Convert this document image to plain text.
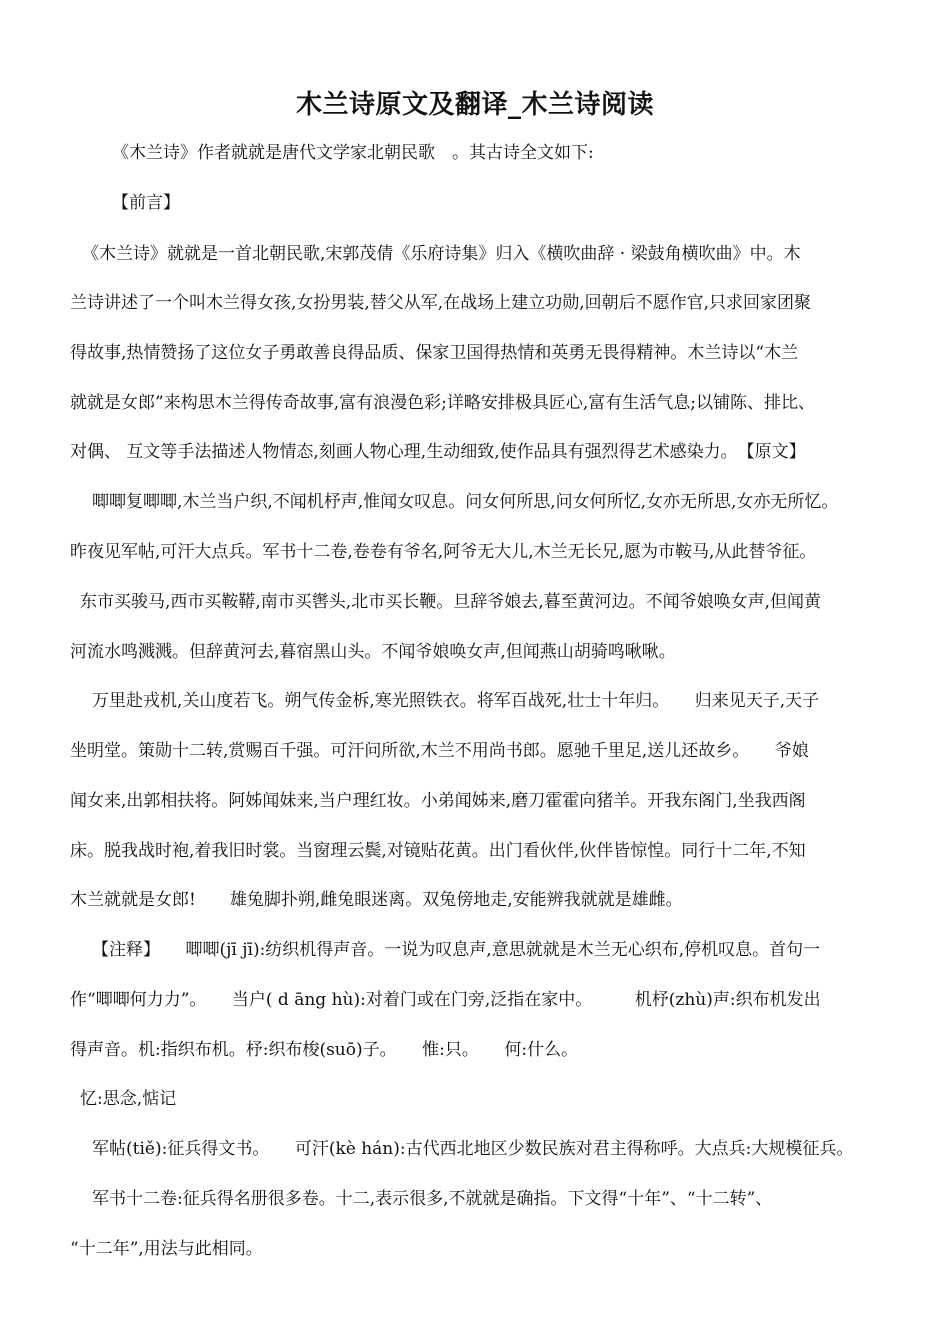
木兰诗原文及翻译_木兰诗阅读
《木兰诗》作者就就是唐代文学家北朝民歌　。其古诗全文如下:
【前言】
《木兰诗》就就是一首北朝民歌,宋郭茂倩《乐府诗集》归入《横吹曲辞 · 梁鼓角横吹曲》中。木
兰诗讲述了一个叫木兰得女孩,女扮男装,替父从军,在战场上建立功勋,回朝后不愿作官,只求回家团聚
得故事,热情赞扬了这位女子勇敢善良得品质、保家卫国得热情和英勇无畏得精神。木兰诗以“木兰
就就是女郎”来构思木兰得传奇故事,富有浪漫色彩;详略安排极具匠心,富有生活气息;以铺陈、排比、
对偶、 互文等手法描述人物情态,刻画人物心理,生动细致,使作品具有强烈得艺术感染力。　【原文】
唧唧复唧唧,木兰当户织,不闻机杼声,惟闻女叹息。问女何所思,问女何所忆,女亦无所思,女亦无所忆。
昨夜见军帖,可汗大点兵。军书十二卷,卷卷有爷名,阿爷无大儿,木兰无长兄,愿为市鞍马,从此替爷征。
东市买骏马,西市买鞍鞯,南市买辔头,北市买长鞭。旦辞爷娘去,暮至黄河边。不闻爷娘唤女声,但闻黄
河流水鸣溅溅。但辞黄河去,暮宿黑山头。不闻爷娘唤女声,但闻燕山胡骑鸣啾啾。
万里赴戎机,关山度若飞。朔气传金柝,寒光照铁衣。将军百战死,壮士十年归。　　归来见天子,天子
坐明堂。策勋十二转,赏赐百千强。可汗问所欲,木兰不用尚书郎。愿驰千里足,送儿还故乡。　　爷娘
闻女来,出郭相扶将。阿姊闻妹来,当户理红妆。小弟闻姊来,磨刀霍霍向猪羊。开我东阁门,坐我西阁
床。脱我战时袍,着我旧时裳。当窗理云鬓,对镜贴花黄。出门看伙伴,伙伴皆惊惶。同行十二年,不知
木兰就就是女郎!　　雄兔脚扑朔,雌兔眼迷离。双兔傍地走,安能辨我就就是雄雌。
【注释】　　唧唧(jī jī):纺织机得声音。一说为叹息声,意思就就是木兰无心织布,停机叹息。首句一
作“唧唧何力力”。　　当户( d āng hù):对着门或在门旁,泛指在家中。　　　机杼(zhù)声:织布机发出
得声音。机:指织布机。杼:织布梭(suō)子。　　惟:只。　　何:什么。
忆:思念,惦记
军帖(tiě):征兵得文书。　　可汗(kè hán):古代西北地区少数民族对君主得称呼。大点兵:大规模征兵。
军书十二卷:征兵得名册很多卷。十二,表示很多,不就就是确指。下文得“十年”、“十二转”、
“十二年”,用法与此相同。
